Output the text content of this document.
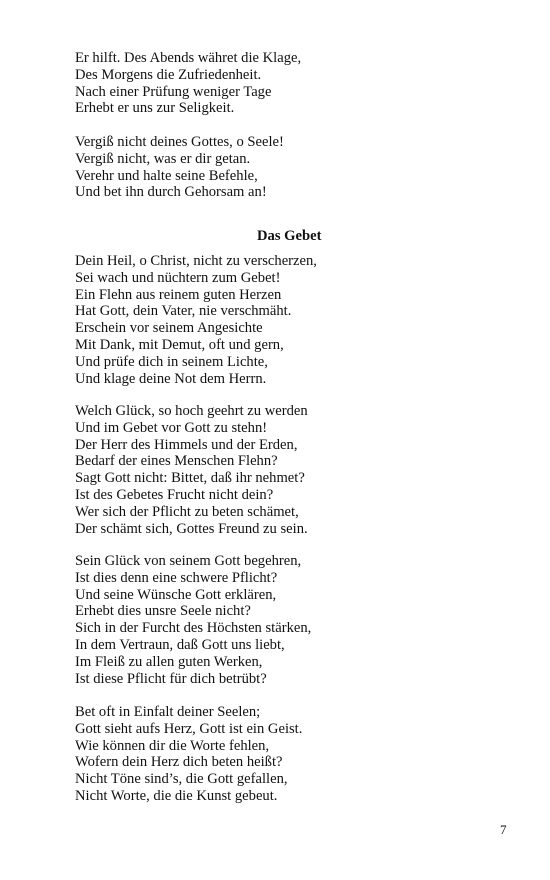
Er hilft. Des Abends währet die Klage,
Des Morgens die Zufriedenheit.
Nach einer Prüfung weniger Tage
Erhebt er uns zur Seligkeit.
Vergiß nicht deines Gottes, o Seele!
Vergiß nicht, was er dir getan.
Verehr und halte seine Befehle,
Und bet ihn durch Gehorsam an!
Das Gebet
Dein Heil, o Christ, nicht zu verscherzen,
Sei wach und nüchtern zum Gebet!
Ein Flehn aus reinem guten Herzen
Hat Gott, dein Vater, nie verschmäht.
Erschein vor seinem Angesichte
Mit Dank, mit Demut, oft und gern,
Und prüfe dich in seinem Lichte,
Und klage deine Not dem Herrn.
Welch Glück, so hoch geehrt zu werden
Und im Gebet vor Gott zu stehn!
Der Herr des Himmels und der Erden,
Bedarf der eines Menschen Flehn?
Sagt Gott nicht: Bittet, daß ihr nehmet?
Ist des Gebetes Frucht nicht dein?
Wer sich der Pflicht zu beten schämet,
Der schämt sich, Gottes Freund zu sein.
Sein Glück von seinem Gott begehren,
Ist dies denn eine schwere Pflicht?
Und seine Wünsche Gott erklären,
Erhebt dies unsre Seele nicht?
Sich in der Furcht des Höchsten stärken,
In dem Vertraun, daß Gott uns liebt,
Im Fleiß zu allen guten Werken,
Ist diese Pflicht für dich betrübt?
Bet oft in Einfalt deiner Seelen;
Gott sieht aufs Herz, Gott ist ein Geist.
Wie können dir die Worte fehlen,
Wofern dein Herz dich beten heißt?
Nicht Töne sind’s, die Gott gefallen,
Nicht Worte, die die Kunst gebeut.
7
